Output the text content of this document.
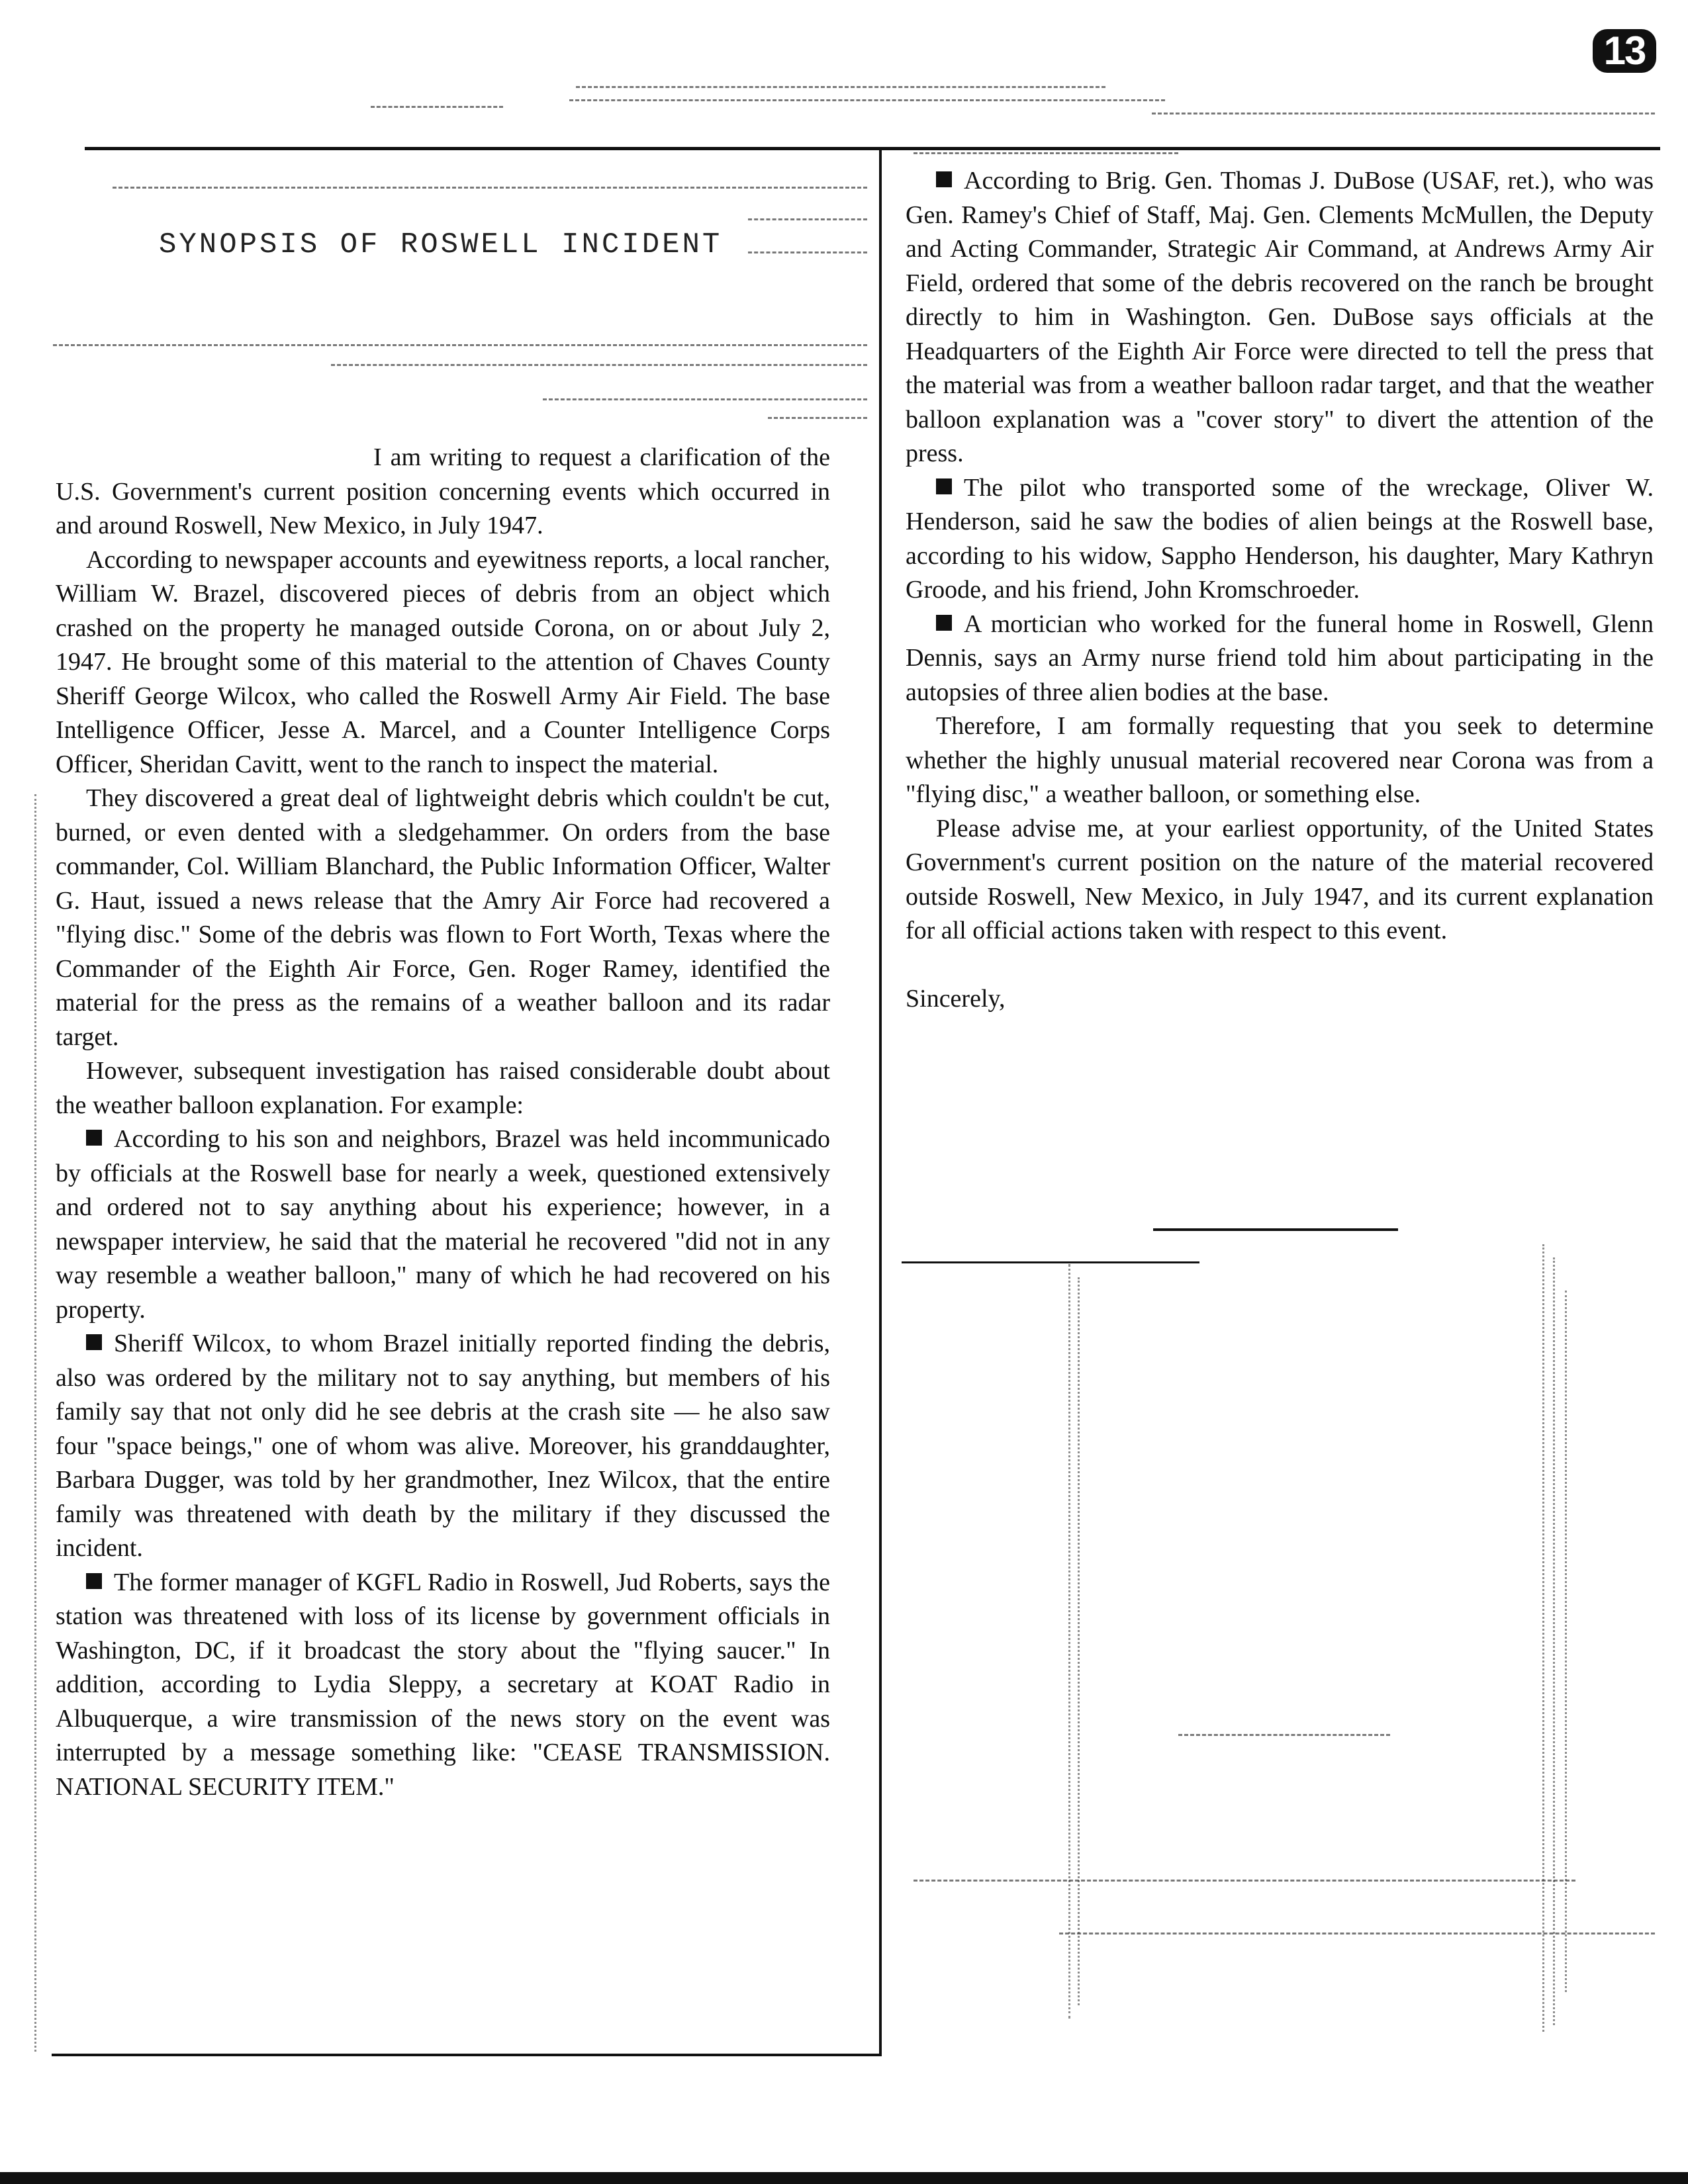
13
SYNOPSIS OF ROSWELL INCIDENT

I am writing to request a clarification of the U.S. Government's current position concerning events which occurred in and around Roswell, New Mexico, in July 1947.

According to newspaper accounts and eyewitness reports, a local rancher, William W. Brazel, discovered pieces of debris from an object which crashed on the property he managed outside Corona, on or about July 2, 1947. He brought some of this material to the attention of Chaves County Sheriff George Wilcox, who called the Roswell Army Air Field. The base Intelligence Officer, Jesse A. Marcel, and a Counter Intelligence Corps Officer, Sheridan Cavitt, went to the ranch to inspect the material.

They discovered a great deal of lightweight debris which couldn't be cut, burned, or even dented with a sledgehammer. On orders from the base commander, Col. William Blanchard, the Public Information Officer, Walter G. Haut, issued a news release that the Amry Air Force had recovered a "flying disc." Some of the debris was flown to Fort Worth, Texas where the Commander of the Eighth Air Force, Gen. Roger Ramey, identified the material for the press as the remains of a weather balloon and its radar target.

However, subsequent investigation has raised considerable doubt about the weather balloon explanation. For example:

According to his son and neighbors, Brazel was held incommunicado by officials at the Roswell base for nearly a week, questioned extensively and ordered not to say anything about his experience; however, in a newspaper interview, he said that the material he recovered "did not in any way resemble a weather balloon," many of which he had recovered on his property.

Sheriff Wilcox, to whom Brazel initially reported finding the debris, also was ordered by the military not to say anything, but members of his family say that not only did he see debris at the crash site — he also saw four "space beings," one of whom was alive. Moreover, his granddaughter, Barbara Dugger, was told by her grandmother, Inez Wilcox, that the entire family was threatened with death by the military if they discussed the incident.

The former manager of KGFL Radio in Roswell, Jud Roberts, says the station was threatened with loss of its license by government officials in Washington, DC, if it broadcast the story about the "flying saucer." In addition, according to Lydia Sleppy, a secretary at KOAT Radio in Albuquerque, a wire transmission of the news story on the event was interrupted by a message something like: "CEASE TRANSMISSION. NATIONAL SECURITY ITEM."

According to Brig. Gen. Thomas J. DuBose (USAF, ret.), who was Gen. Ramey's Chief of Staff, Maj. Gen. Clements McMullen, the Deputy and Acting Commander, Strategic Air Command, at Andrews Army Air Field, ordered that some of the debris recovered on the ranch be brought directly to him in Washington. Gen. DuBose says officials at the Headquarters of the Eighth Air Force were directed to tell the press that the material was from a weather balloon radar target, and that the weather balloon explanation was a "cover story" to divert the attention of the press.

The pilot who transported some of the wreckage, Oliver W. Henderson, said he saw the bodies of alien beings at the Roswell base, according to his widow, Sappho Henderson, his daughter, Mary Kathryn Groode, and his friend, John Kromschroeder.

A mortician who worked for the funeral home in Roswell, Glenn Dennis, says an Army nurse friend told him about participating in the autopsies of three alien bodies at the base.

Therefore, I am formally requesting that you seek to determine whether the highly unusual material recovered near Corona was from a "flying disc," a weather balloon, or something else.

Please advise me, at your earliest opportunity, of the United States Government's current position on the nature of the material recovered outside Roswell, New Mexico, in July 1947, and its current explanation for all official actions taken with respect to this event.

Sincerely,
